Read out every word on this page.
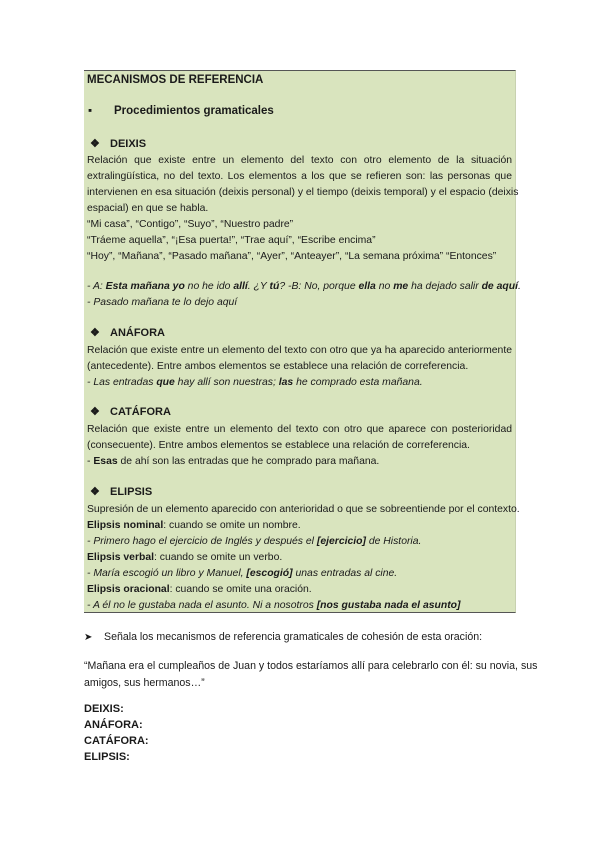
MECANISMOS DE REFERENCIA
▪ Procedimientos gramaticales
❖ DEIXIS
Relación que existe entre un elemento del texto con otro elemento de la situación
extralingüística, no del texto. Los elementos a los que se refieren son: las personas que
intervienen en esa situación (deixis personal) y el tiempo (deixis temporal) y el espacio (deixis
espacial) en que se habla.
“Mi casa”, “Contigo”, “Suyo”, “Nuestro padre”
“Tráeme aquella”, “¡Esa puerta!”, “Trae aquí”, “Escribe encima”
“Hoy”, “Mañana”, “Pasado mañana”, “Ayer”, “Anteayer”, “La semana próxima” “Entonces”
- A: Esta mañana yo no he ido allí. ¿Y tú? -B: No, porque ella no me ha dejado salir de aquí.
- Pasado mañana te lo dejo aquí
❖ ANÁFORA
Relación que existe entre un elemento del texto con otro que ya ha aparecido anteriormente
(antecedente). Entre ambos elementos se establece una relación de correferencia.
- Las entradas que hay allí son nuestras; las he comprado esta mañana.
❖ CATÁFORA
Relación que existe entre un elemento del texto con otro que aparece con posterioridad
(consecuente). Entre ambos elementos se establece una relación de correferencia.
- Esas de ahí son las entradas que he comprado para mañana.
❖ ELIPSIS
Supresión de un elemento aparecido con anterioridad o que se sobreentiende por el contexto.
Elipsis nominal: cuando se omite un nombre.
- Primero hago el ejercicio de Inglés y después el [ejercicio] de Historia.
Elipsis verbal: cuando se omite un verbo.
- María escogió un libro y Manuel, [escogió] unas entradas al cine.
Elipsis oracional: cuando se omite una oración.
- A él no le gustaba nada el asunto. Ni a nosotros [nos gustaba nada el asunto]
➤ Señala los mecanismos de referencia gramaticales de cohesión de esta oración:
“Mañana era el cumpleaños de Juan y todos estaríamos allí para celebrarlo con él: su novia, sus
amigos, sus hermanos…”
DEIXIS:
ANÁFORA:
CATÁFORA:
ELIPSIS:
